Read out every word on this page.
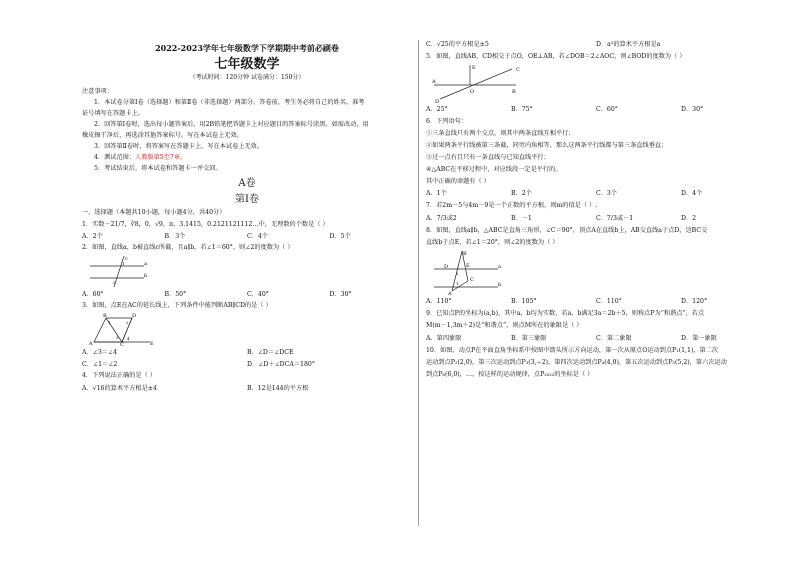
2022-2023学年七年级数学下学期期中考前必刷卷
七年级数学
（考试时间：120分钟 试卷满分：150分）
注意事项：
1．本试卷分第Ⅰ卷（选择题）和第Ⅱ卷（非选择题）两部分。答卷前，考生务必将自己的姓名、准考
证号填写在答题卡上。
2．回答第Ⅰ卷时，选出每小题答案后，用2B铅笔把答题卡上对应题目的答案标号涂黑。如需改动，用
橡皮擦干净后，再选涂其他答案标号。写在本试卷上无效。
3．回答第Ⅱ卷时，将答案写在答题卡上。写在本试卷上无效。
4．测试范围：人教版第5至7章。
5．考试结束后，将本试卷和答题卡一并交回。
A卷
第Ⅰ卷
一、选择题（本题共10小题，每小题4分，共40分）
1．实数－21/7，∛8，0，√9，π，3.1415，0.2121121112…中，无理数的个数是（ ）
A．2个	B．3个	C．4个	D．5个
2．如图，直线a，b被直线c所截，且a∥b，若∠1＝60°，则∠2的度数为（ ）
c
a
b
1
2
A．60°	B．50°	C．40°	D．30°
3．如图，点E在AC的延长线上，下列条件中能判断AB∥CD的是（ ）
B	D
A	C	E
1	2
3 4
A．∠3＝∠4	B．∠D＝∠DCE
C．∠1＝∠2	D．∠D＋∠DCA＝180°
4．下列说法正确的是（ ）
A．√16的算术平方根是±4	B．12是144的平方根
C．√25的平方根是±5	D．a²的算术平方根是a
5．如图，直线AB，CD相交于点O，OE⊥AB，若∠DOB＝2∠AOC，则∠BOD的度数为（ ）
C
E
A
O	B
D
A．25°	B．75°	C．60°	D．30°
6．下列语句：
①三条直线只有两个交点，则其中两条直线互相平行；
②如果两条平行线被第三条截，同旁内角相等，那么这两条平行线都与第三条直线垂直；
③过一点有且只有一条直线与已知直线平行；
④△ABC在平移过程中，对应线段一定是平行的。
其中正确的命题有（ ）
A．1个	B．2个	C．3个	D．4个
7．若2m－5与4m－9是一个正数的平方根，则m的值是（ ）.
A．7/3或2	B．－1	C．7/3或－1	D．2
8．如图，直线a∥b，△ABC是直角三角形，∠C＝90°，顶点A在直线b上，AB交直线a于点D，边BC交
直线b于点E，若∠1＝20°，则∠2的度数为（ ）
B
D	E
C
a
b
A
1
2
A．110°	B．105°	C．110°	D．120°
9．已知点P的坐标为(a,b)，其中a，b均为实数，若a，b满足3a＝2b＋5，则称点P为“和谐点”，若点
M(m－1,3m＋2)是“和谐点”，则点M所在的象限是（ ）
A．第四象限	B．第三象限	C．第二象限	D．第一象限
10．如图，动点P在平面直角坐标系中按图中箭头所示方向运动，第一次从原点O运动到点P₁(1,1)，第二次
运动到点P₂(2,0)，第三次运动到点P₃(3,−2)，第四次运动到点P₄(4,0)，第五次运动到点P₅(5,2)，第六次运动
到点P₆(6,0)，…，按这样的运动规律，点P₂₀₂₂的坐标是（ ）
